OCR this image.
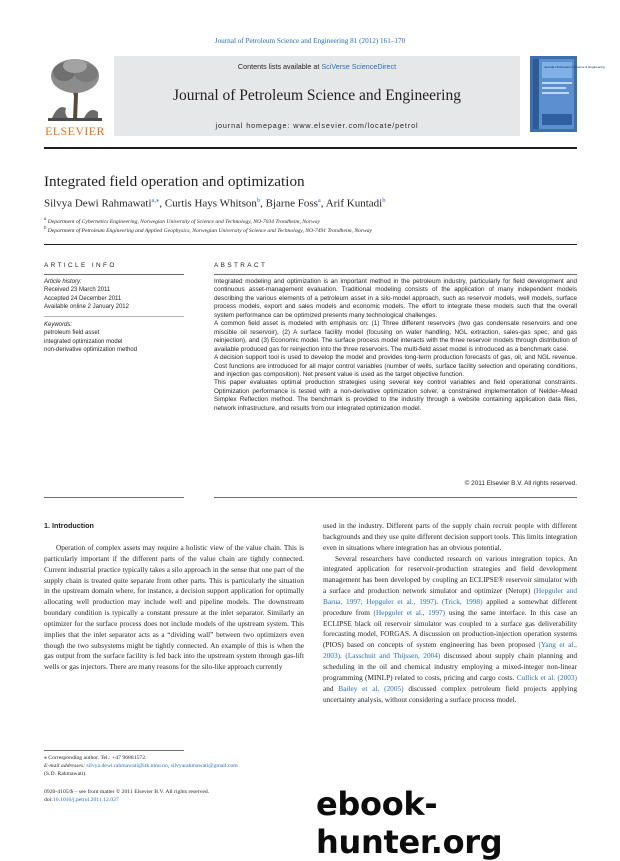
Journal of Petroleum Science and Engineering 81 (2012) 161–170
ELSEVIER
Contents lists available at SciVerse ScienceDirect
Journal of Petroleum Science and Engineering
journal homepage: www.elsevier.com/locate/petrol
Journal of Petroleum Science & Engineering
Integrated field operation and optimization
Silvya Dewi Rahmawati$^{a,⁎}$, Curtis Hays Whitson$^b$, Bjarne Foss$^a$, Arif Kuntadi$^b$
$^a$ Department of Cybernetics Engineering, Norwegian University of Science and Technology, NO-7034 Trondheim, Norway
$^b$ Department of Petroleum Engineering and Applied Geophysics, Norwegian University of Science and Technology, NO-7491 Trondheim, Norway
ARTICLE INFO	ABSTRACT
Article history:
Received 23 March 2011
Accepted 24 December 2011
Available online 2 January 2012
Keywords:
petroleum field asset
integrated optimization model
non-derivative optimization method

Integrated modeling and optimization is an important method in the petroleum industry, particularly for field development and continuous asset-management evaluation. Traditional modeling consists of the application of many independent models describing the various elements of a petroleum asset in a silo-model approach, such as reservoir models, well models, surface process models, export and sales models and economic models. The effort to integrate these models such that the overall system performance can be optimized presents many technological challenges.

A common field asset is modeled with emphasis on: (1) Three different reservoirs (two gas condensate reservoirs and one miscible oil reservoir), (2) A surface facility model (focusing on water handling, NGL extraction, sales-gas spec, and gas reinjection), and (3) Economic model. The surface process model interacts with the three reservoir models through distribution of available produced gas for reinjection into the three reservoirs. The multi-field asset model is introduced as a benchmark case.

A decision support tool is used to develop the model and provides long-term production forecasts of gas, oil, and NGL revenue. Cost functions are introduced for all major control variables (number of wells, surface facility selection and operating conditions, and injection gas composition). Net present value is used as the target objective function.

This paper evaluates optimal production strategies using several key control variables and field operational constraints. Optimization performance is tested with a non-derivative optimization solver, a constrained implementation of Nelder–Mead Simplex Reflection method. The benchmark is provided to the industry through a website containing application data files, network infrastructure, and results from our integrated optimization model.

© 2011 Elsevier B.V. All rights reserved.
1. Introduction

Operation of complex assets may require a holistic view of the value chain. This is particularly important if the different parts of the value chain are tightly connected. Current industrial practice typically takes a silo approach in the sense that one part of the supply chain is treated quite separate from other parts. This is particularly the situation in the upstream domain where, for instance, a decision support application for optimally allocating well production may include well and pipeline models. The downstream boundary condition is typically a constant pressure at the inlet separator. Similarly an optimizer for the surface process does not include models of the upstream system. This implies that the inlet separator acts as a “dividing wall” between two optimizers even though the two subsystems might be tightly connected. An example of this is when the gas output from the surface facility is fed back into the upstream system through gas-lift wells or gas injectors. There are many reasons for the silo-like approach currently

used in the industry. Different parts of the supply chain recruit people with different backgrounds and they use quite different decision support tools. This limits integration even in situations where integration has an obvious potential.

Several researchers have conducted research on various integration topics. An integrated application for reservoir-production strategies and field development management has been developed by coupling an ECLIPSE® reservoir simulator with a surface and production network simulator and optimizer (Netopt) (Hepguler and Barua, 1997; Hepguler et al., 1997). (Trick, 1998) applied a somewhat different procedure from (Hepguler et al., 1997) using the same interface. In this case an ECLIPSE black oil reservoir simulator was coupled to a surface gas deliverability forecasting model, FORGAS. A discussion on production-injection operation systems (PIOS) based on concepts of system engineering has been proposed (Yang et al., 2003). (Lasschuit and Thijssen, 2004) discussed about supply chain planning and scheduling in the oil and chemical industry employing a mixed-integer non-linear programming (MINLP) related to costs, pricing and cargo costs. Cullick et al. (2003) and Bailey et al. (2005) discussed complex petroleum field projects applying uncertainty analysis, without considering a surface process model.

⁎ Corresponding author. Tel.: +47 96881572.
E-mail addresses: silvya.dewi.rahmawati@itk.ntnu.no, silvyarahmawati@gmail.com
(S.D. Rahmawati).
0920-4105/$ – see front matter © 2011 Elsevier B.V. All rights reserved.
doi:10.1016/j.petrol.2011.12.027	ebook-hunter.org
